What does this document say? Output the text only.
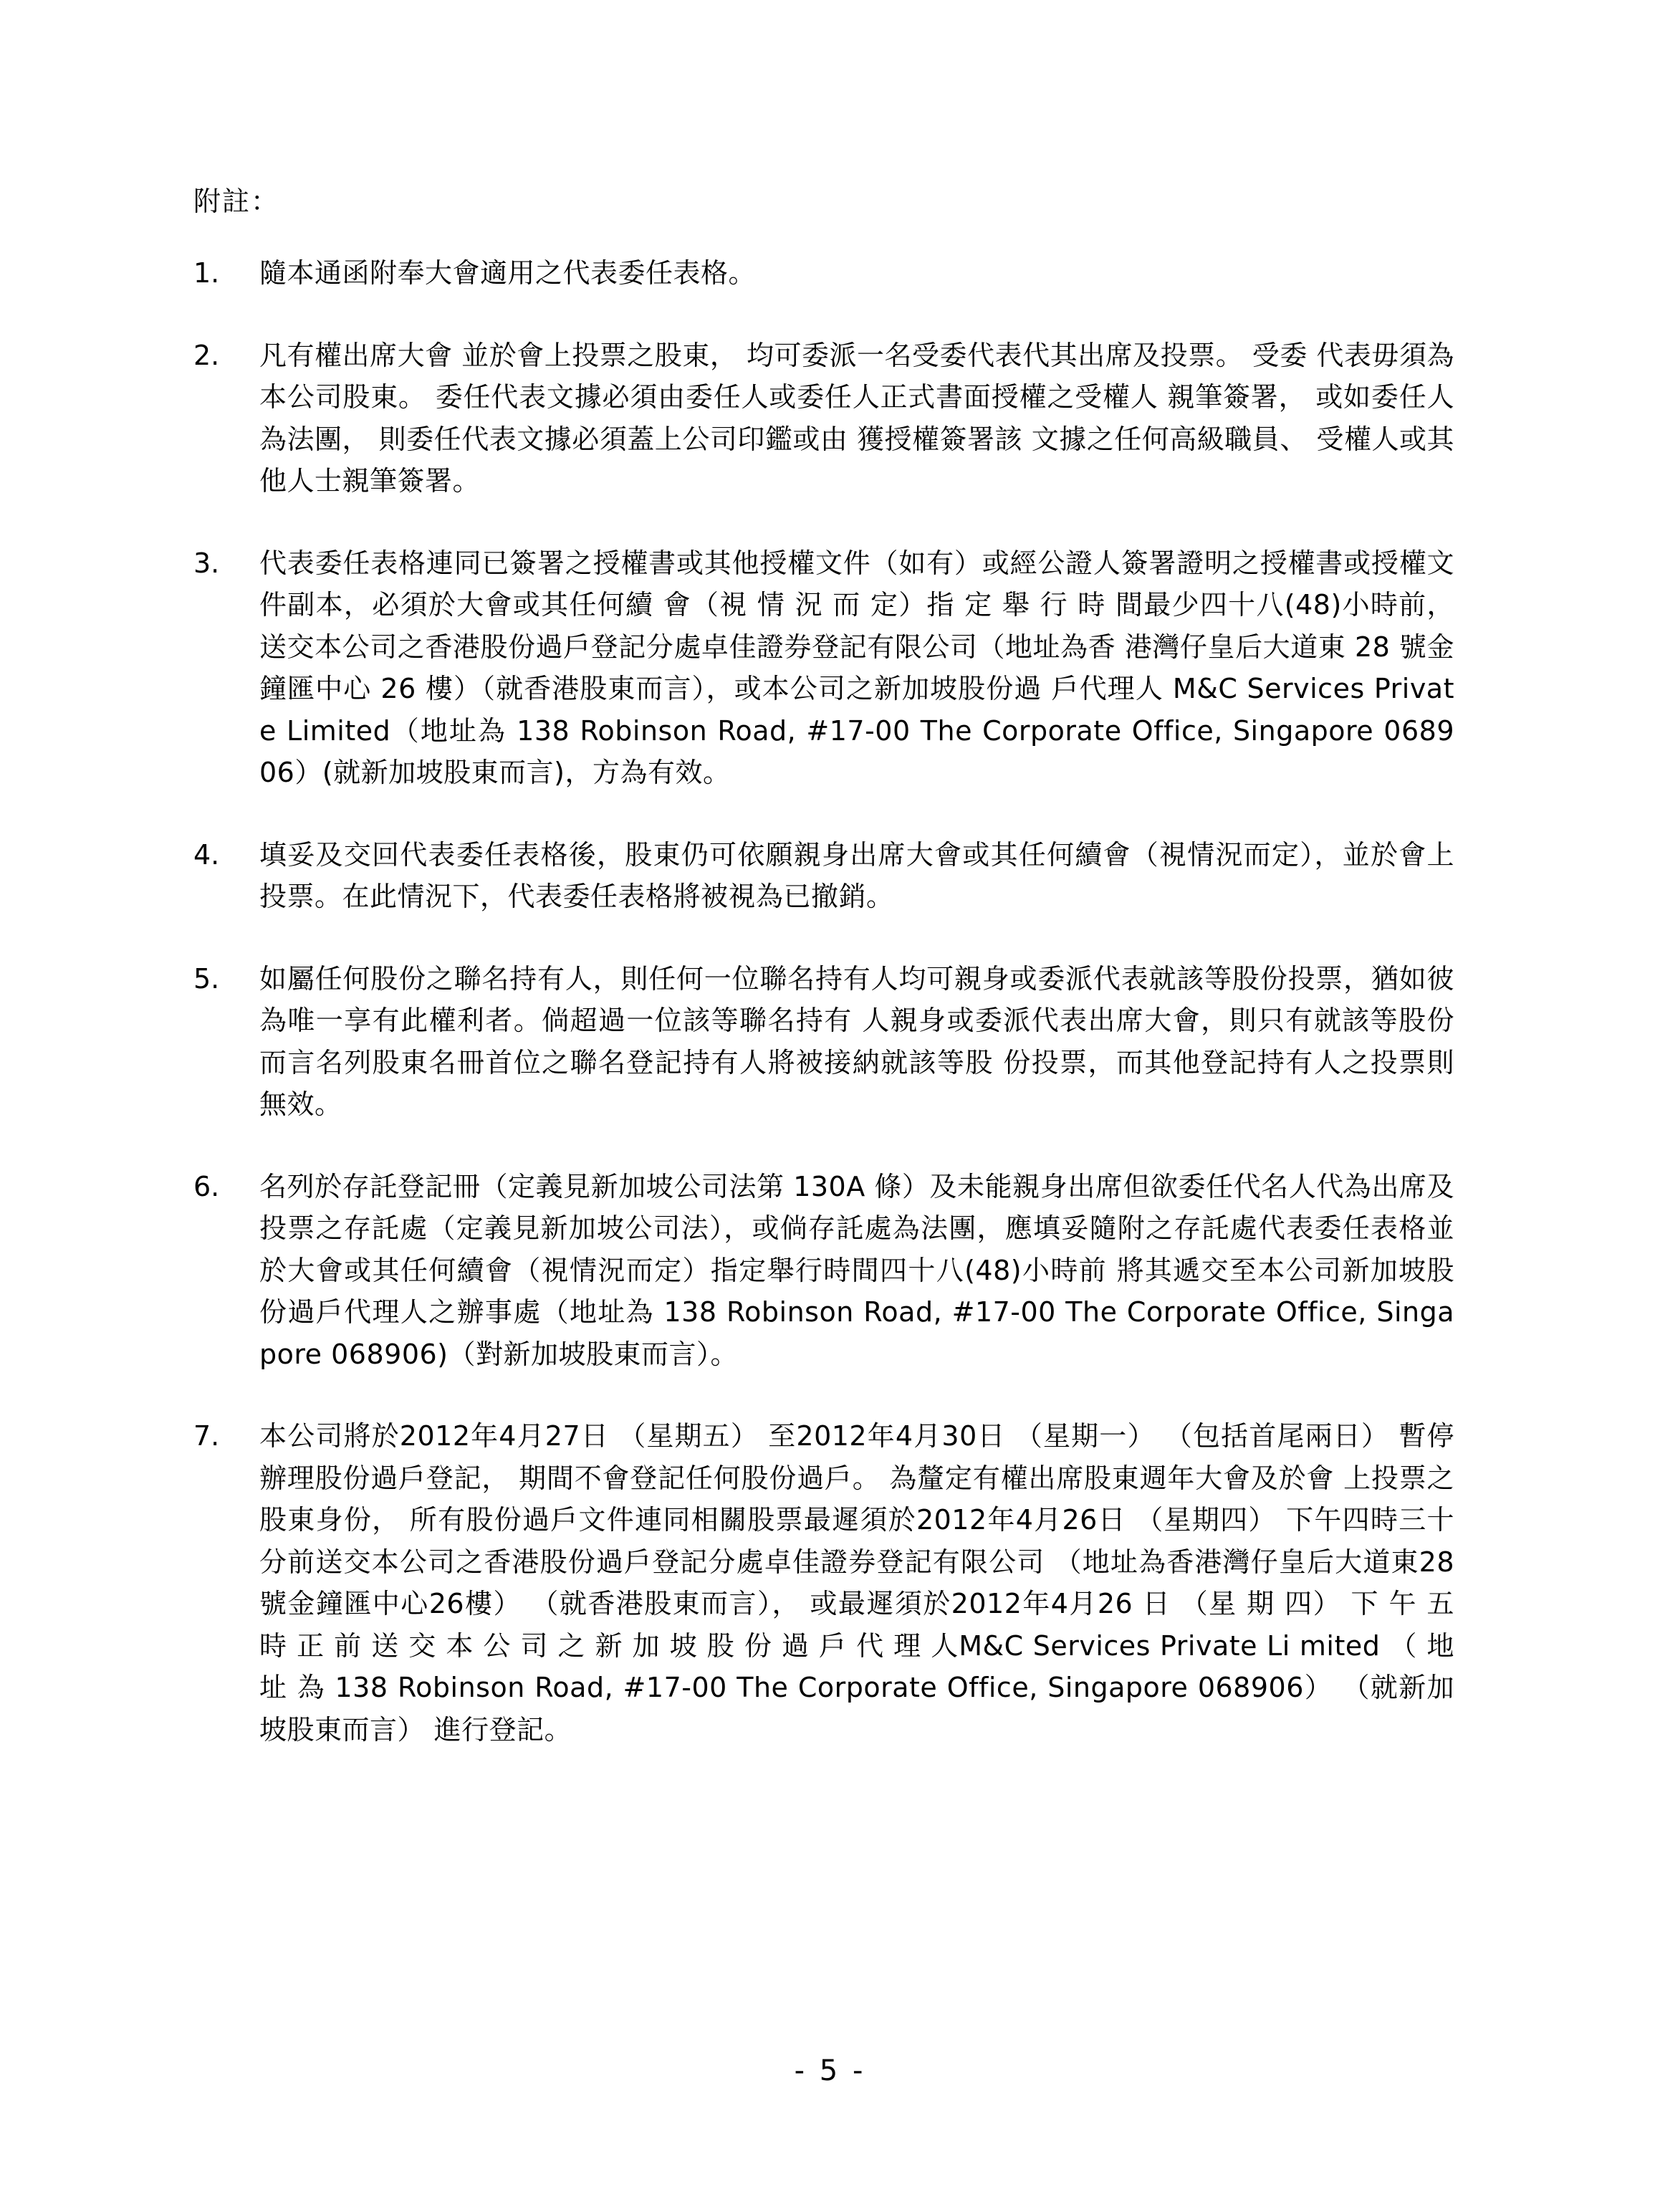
附註：
1.	隨本通函附奉大會適用之代表委任表格。
2.	凡有權出席大會 並於會上投票之股東， 均可委派一名受委代表代其出席及投票。 受委 代表毋須為本公司股東。 委任代表文據必須由委任人或委任人正式書面授權之受權人 親筆簽署， 或如委任人為法團， 則委任代表文據必須蓋上公司印鑑或由 獲授權簽署該 文據之任何高級職員、 受權人或其他人士親筆簽署。
3.	代表委任表格連同已簽署之授權書或其他授權文件（如有）或經公證人簽署證明之授權書或授權文件副本，必須於大會或其任何續 會（視 情 況 而 定）指 定 舉 行 時 間最少四十八(48)小時前，送交本公司之香港股份過戶登記分處卓佳證券登記有限公司（地址為香 港灣仔皇后大道東 28 號金鐘匯中心 26 樓）（就香港股東而言），或本公司之新加坡股份過 戶代理人 M&C Services Private Limited（地址為 138 Robinson Road, #17-00 The Corporate Office, Singapore 068906）(就新加坡股東而言)，方為有效。
4.	填妥及交回代表委任表格後，股東仍可依願親身出席大會或其任何續會（視情況而定），並於會上投票。在此情況下，代表委任表格將被視為已撤銷。
5.	如屬任何股份之聯名持有人，則任何一位聯名持有人均可親身或委派代表就該等股份投票，猶如彼為唯一享有此權利者。倘超過一位該等聯名持有 人親身或委派代表出席大會，則只有就該等股份而言名列股東名冊首位之聯名登記持有人將被接納就該等股 份投票，而其他登記持有人之投票則無效。
6.	名列於存託登記冊（定義見新加坡公司法第 130A 條）及未能親身出席但欲委任代名人代為出席及投票之存託處（定義見新加坡公司法），或倘存託處為法團，應填妥隨附之存託處代表委任表格並於大會或其任何續會（視情況而定）指定舉行時間四十八(48)小時前 將其遞交至本公司新加坡股份過戶代理人之辦事處（地址為 138 Robinson Road, #17-00 The Corporate Office, Singapore 068906)（對新加坡股東而言）。
7.	本公司將於2012年4月27日 （星期五） 至2012年4月30日 （星期一） （包括首尾兩日） 暫停辦理股份過戶登記， 期間不會登記任何股份過戶。 為釐定有權出席股東週年大會及於會 上投票之股東身份， 所有股份過戶文件連同相關股票最遲須於2012年4月26日 （星期四） 下午四時三十分前送交本公司之香港股份過戶登記分處卓佳證券登記有限公司 （地址為香港灣仔皇后大道東28號金鐘匯中心26樓） （就香港股東而言）， 或最遲須於2012年4月26 日 （星 期 四） 下 午 五 時 正 前 送 交 本 公 司 之 新 加 坡 股 份 過 戶 代 理 人M&C Services Private Li mited （ 地 址 為 138 Robinson Road, #17-00 The Corporate Office, Singapore 068906） （就新加坡股東而言） 進行登記。
- 5 -
